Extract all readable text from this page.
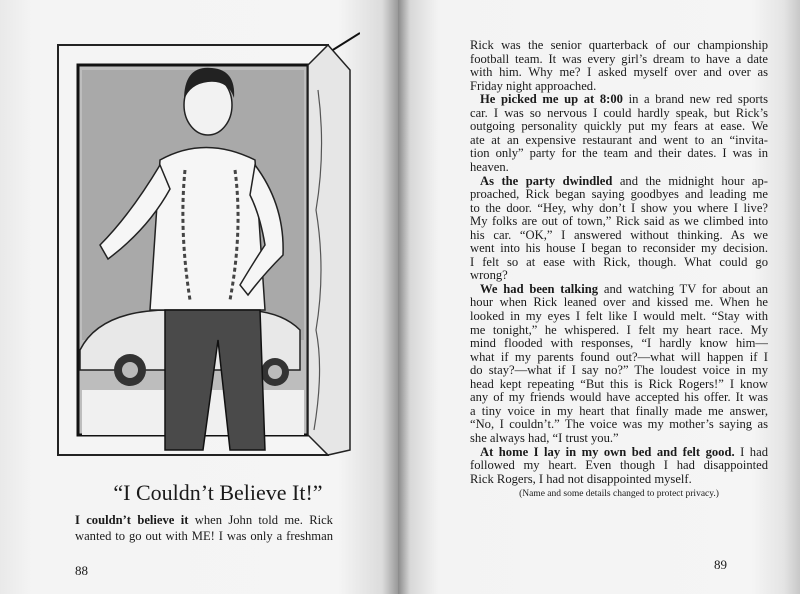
“I Couldn’t Believe It!”
I couldn’t believe it when John told me. Rick
wanted to go out with ME! I was only a freshman
88	89
Rick was the senior quarterback of our championship
football team. It was every girl’s dream to have a date
with him. Why me? I asked myself over and over as
Friday night approached.
He picked me up at 8:00 in a brand new red sports
car. I was so nervous I could hardly speak, but Rick’s
outgoing personality quickly put my fears at ease. We
ate at an expensive restaurant and went to an “invita-
tion only” party for the team and their dates. I was in
heaven.
As the party dwindled and the midnight hour ap-
proached, Rick began saying goodbyes and leading me
to the door. “Hey, why don’t I show you where I live?
My folks are out of town,” Rick said as we climbed into
his car. “OK,” I answered without thinking. As we
went into his house I began to reconsider my decision.
I felt so at ease with Rick, though. What could go
wrong?
We had been talking and watching TV for about an
hour when Rick leaned over and kissed me. When he
looked in my eyes I felt like I would melt. “Stay with
me tonight,” he whispered. I felt my heart race. My
mind flooded with responses, “I hardly know him—
what if my parents found out?—what will happen if I
do stay?—what if I say no?” The loudest voice in my
head kept repeating “But this is Rick Rogers!” I know
any of my friends would have accepted his offer. It was
a tiny voice in my heart that finally made me answer,
“No, I couldn’t.” The voice was my mother’s saying as
she always had, “I trust you.”
At home I lay in my own bed and felt good. I had
followed my heart. Even though I had disappointed
Rick Rogers, I had not disappointed myself.
(Name and some details changed to protect privacy.)
